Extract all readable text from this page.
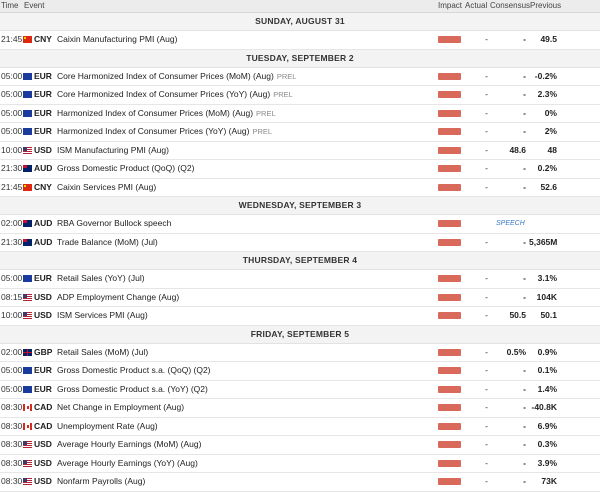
Time Event	Impact Actual Consensus Previous
SUNDAY, AUGUST 31
21:45 CNY Caixin Manufacturing PMI (Aug)	-	-	49.5
TUESDAY, SEPTEMBER 2
05:00 EUR Core Harmonized Index of Consumer Prices (MoM) (Aug) PREL	-	-	-0.2%
05:00 EUR Core Harmonized Index of Consumer Prices (YoY) (Aug) PREL	-	-	2.3%
05:00 EUR Harmonized Index of Consumer Prices (MoM) (Aug) PREL	-	-	0%
05:00 EUR Harmonized Index of Consumer Prices (YoY) (Aug) PREL	-	-	2%
10:00 USD ISM Manufacturing PMI (Aug)	-	48.6	48
21:30 AUD Gross Domestic Product (QoQ) (Q2)	-	-	0.2%
21:45 CNY Caixin Services PMI (Aug)	-	-	52.6
WEDNESDAY, SEPTEMBER 3
02:00 AUD RBA Governor Bullock speech	SPEECH
21:30 AUD Trade Balance (MoM) (Jul)	-	- 5,365M
THURSDAY, SEPTEMBER 4
05:00 EUR Retail Sales (YoY) (Jul)	-	-	3.1%
08:15 USD ADP Employment Change (Aug)	-	-	104K
10:00 USD ISM Services PMI (Aug)	-	50.5	50.1
FRIDAY, SEPTEMBER 5
02:00 GBP Retail Sales (MoM) (Jul)	-	0.5%	0.9%
05:00 EUR Gross Domestic Product s.a. (QoQ) (Q2)	-	-	0.1%
05:00 EUR Gross Domestic Product s.a. (YoY) (Q2)	-	-	1.4%
08:30 CAD Net Change in Employment (Aug)	-	- -40.8K
08:30 CAD Unemployment Rate (Aug)	-	-	6.9%
08:30 USD Average Hourly Earnings (MoM) (Aug)	-	-	0.3%
08:30 USD Average Hourly Earnings (YoY) (Aug)	-	-	3.9%
08:30 USD Nonfarm Payrolls (Aug)	-	-	73K
